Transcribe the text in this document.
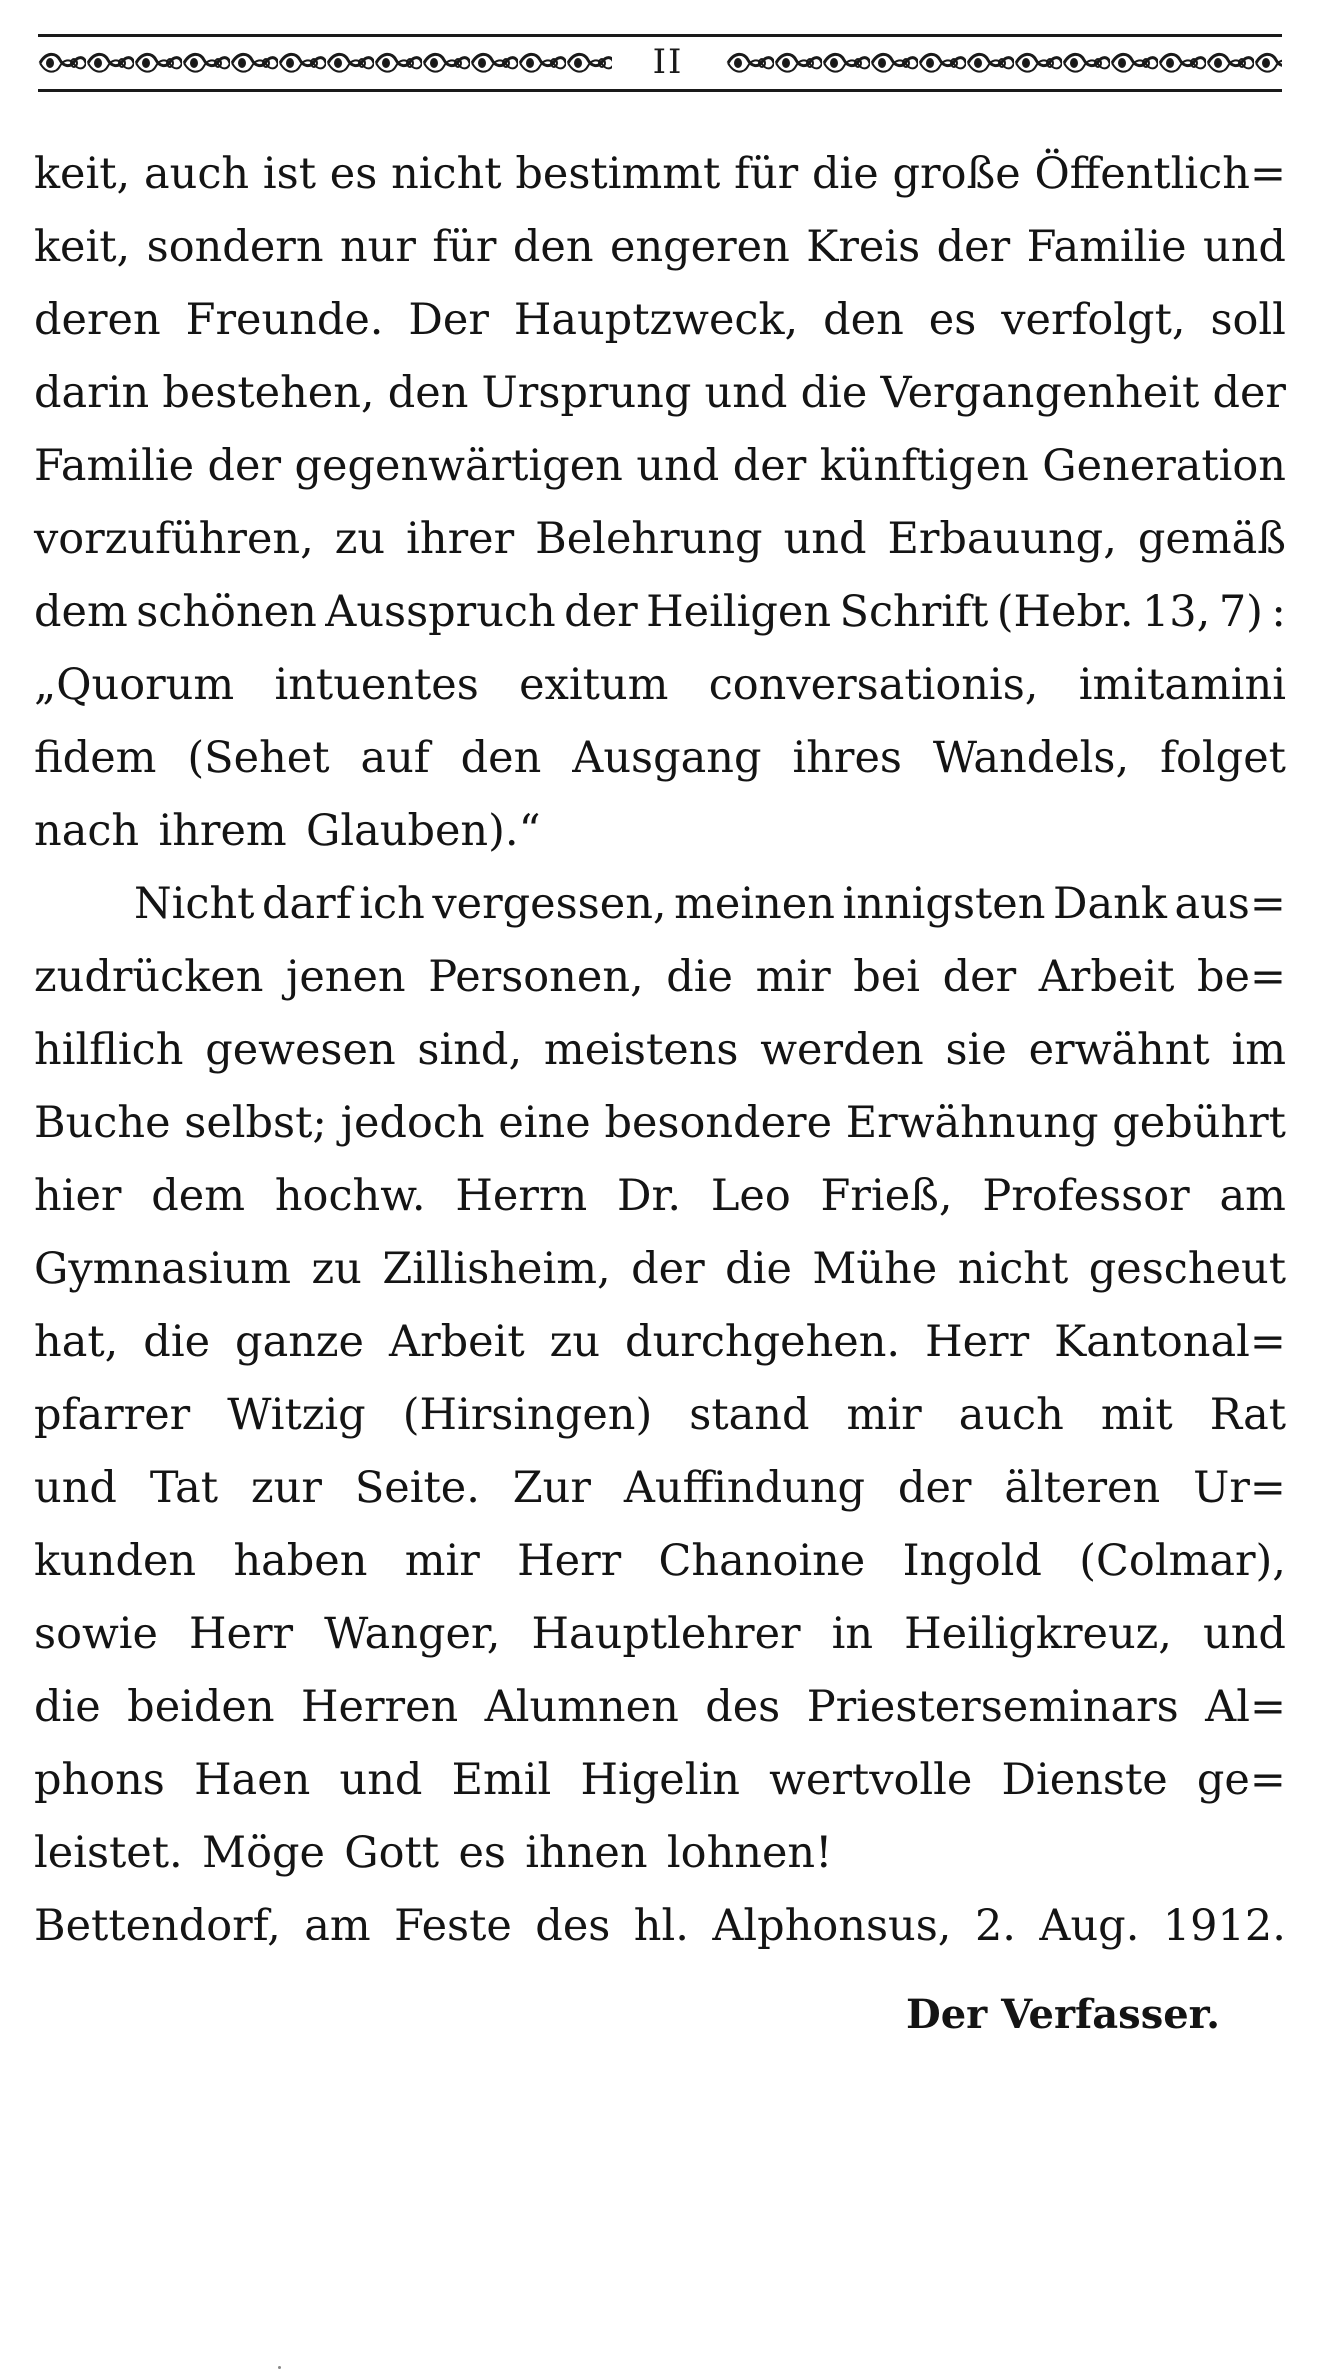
II
keit, auch ist es nicht bestimmt für die große Öffentlich=
keit, sondern nur für den engeren Kreis der Familie und
deren Freunde. Der Hauptzweck, den es verfolgt, soll
darin bestehen, den Ursprung und die Vergangenheit der
Familie der gegenwärtigen und der künftigen Generation
vorzuführen, zu ihrer Belehrung und Erbauung, gemäß
dem schönen Ausspruch der Heiligen Schrift (Hebr. 13, 7) :
„Quorum intuentes exitum conversationis, imitamini
fidem (Sehet auf den Ausgang ihres Wandels, folget
nach ihrem Glauben).“
Nicht darf ich vergessen, meinen innigsten Dank aus=
zudrücken jenen Personen, die mir bei der Arbeit be=
hilflich gewesen sind, meistens werden sie erwähnt im
Buche selbst; jedoch eine besondere Erwähnung gebührt
hier dem hochw. Herrn Dr. Leo Frieß, Professor am
Gymnasium zu Zillisheim, der die Mühe nicht gescheut
hat, die ganze Arbeit zu durchgehen. Herr Kantonal=
pfarrer Witzig (Hirsingen) stand mir auch mit Rat
und Tat zur Seite. Zur Auffindung der älteren Ur=
kunden haben mir Herr Chanoine Ingold (Colmar),
sowie Herr Wanger, Hauptlehrer in Heiligkreuz, und
die beiden Herren Alumnen des Priesterseminars Al=
phons Haen und Emil Higelin wertvolle Dienste ge=
leistet. Möge Gott es ihnen lohnen!
Bettendorf, am Feste des hl. Alphonsus, 2. Aug. 1912.
Der Verfasser.
